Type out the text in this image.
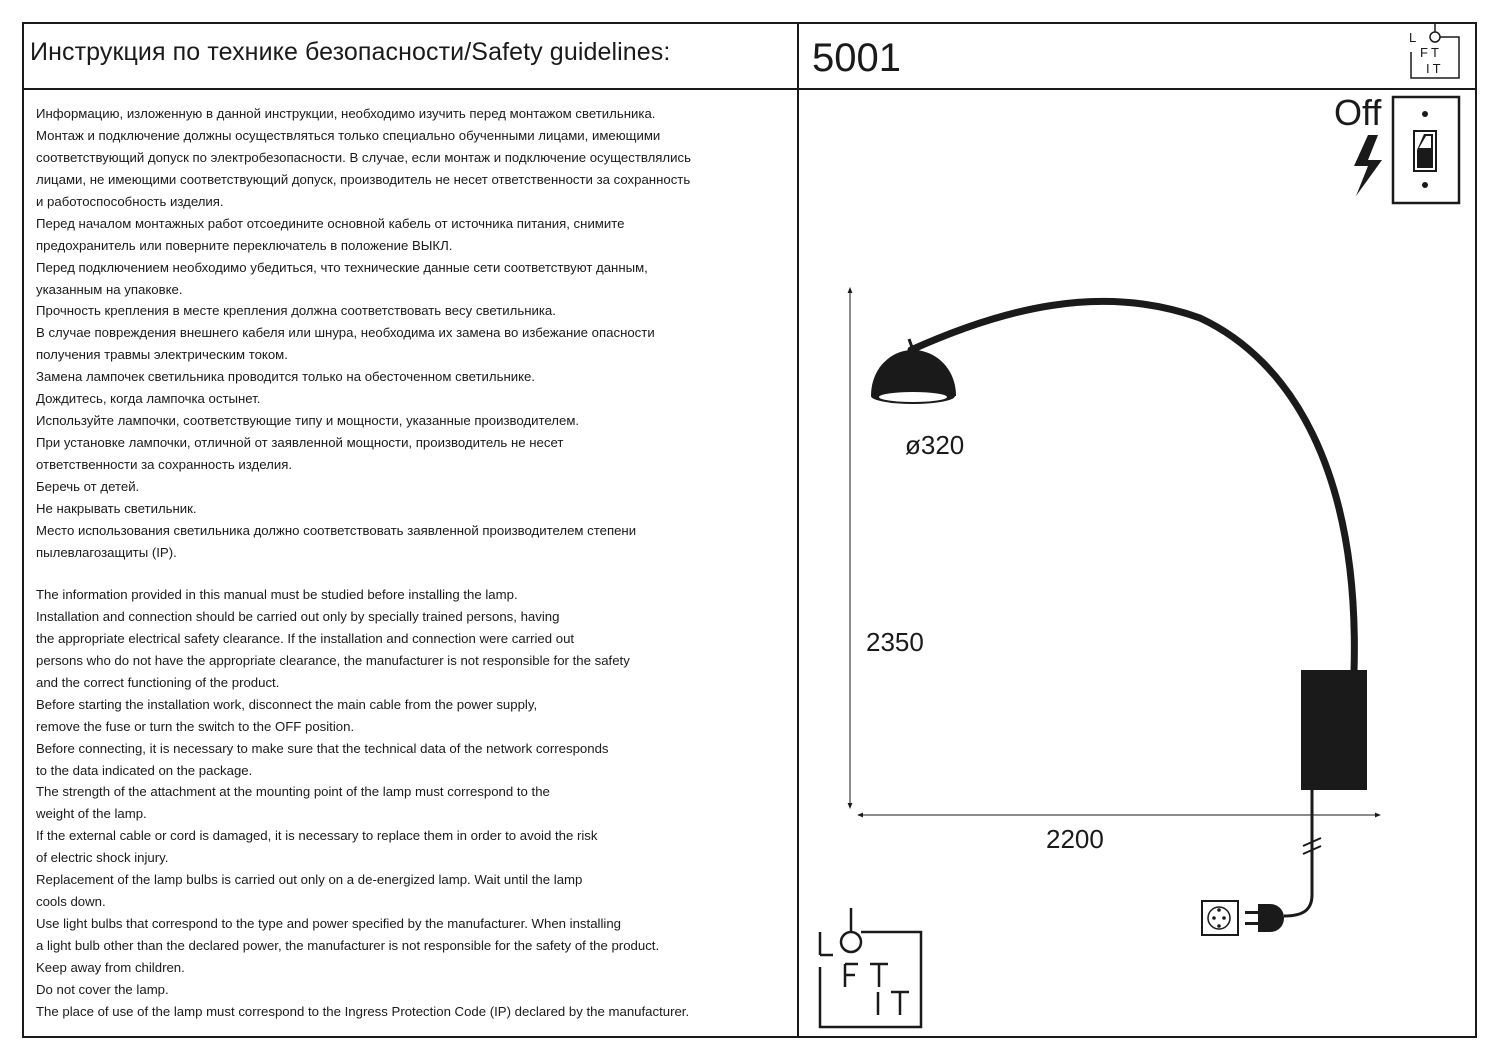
Инструкция по технике безопасности/Safety guidelines:	5001
Информацию, изложенную в данной инструкции, необходимо изучить перед монтажом светильника.
Монтаж и подключение должны осуществляться только специально обученными лицами, имеющими
соответствующий допуск по электробезопасности. В случае, если монтаж и подключение осуществлялись
лицами, не имеющими соответствующий допуск, производитель не несет ответственности за сохранность
и работоспособность изделия.
Перед началом монтажных работ отсоедините основной кабель от источника питания, снимите
предохранитель или поверните переключатель в положение ВЫКЛ.
Перед подключением необходимо убедиться, что технические данные сети соответствуют данным,
указанным на упаковке.
Прочность крепления в месте крепления должна соответствовать весу светильника.
В случае повреждения внешнего кабеля или шнура, необходима их замена во избежание опасности
получения травмы электрическим током.
Замена лампочек светильника проводится только на обесточенном светильнике.
Дождитесь, когда лампочка остынет.
Используйте лампочки, соответствующие типу и мощности, указанные производителем.
При установке лампочки, отличной от заявленной мощности, производитель не несет
ответственности за сохранность изделия.
Беречь от детей.
Не накрывать светильник.
Место использования светильника должно соответствовать заявленной производителем степени
пылевлагозащиты (IP).
The information provided in this manual must be studied before installing the lamp.
Installation and connection should be carried out only by specially trained persons, having
the appropriate electrical safety clearance. If the installation and connection were carried out
persons who do not have the appropriate clearance, the manufacturer is not responsible for the safety
and the correct functioning of the product.
Before starting the installation work, disconnect the main cable from the power supply,
remove the fuse or turn the switch to the OFF position.
Before connecting, it is necessary to make sure that the technical data of the network corresponds
to the data indicated on the package.
The strength of the attachment at the mounting point of the lamp must correspond to the
weight of the lamp.
If the external cable or cord is damaged, it is necessary to replace them in order to avoid the risk
of electric shock injury.
Replacement of the lamp bulbs is carried out only on a de-energized lamp. Wait until the lamp
cools down.
Use light bulbs that correspond to the type and power specified by the manufacturer. When installing
a light bulb other than the declared power, the manufacturer is not responsible for the safety of the product.
Keep away from children.
Do not cover the lamp.
The place of use of the lamp must correspond to the Ingress Protection Code (IP) declared by the manufacturer.
Off
ø320
2350
2200
L
FT
IT
